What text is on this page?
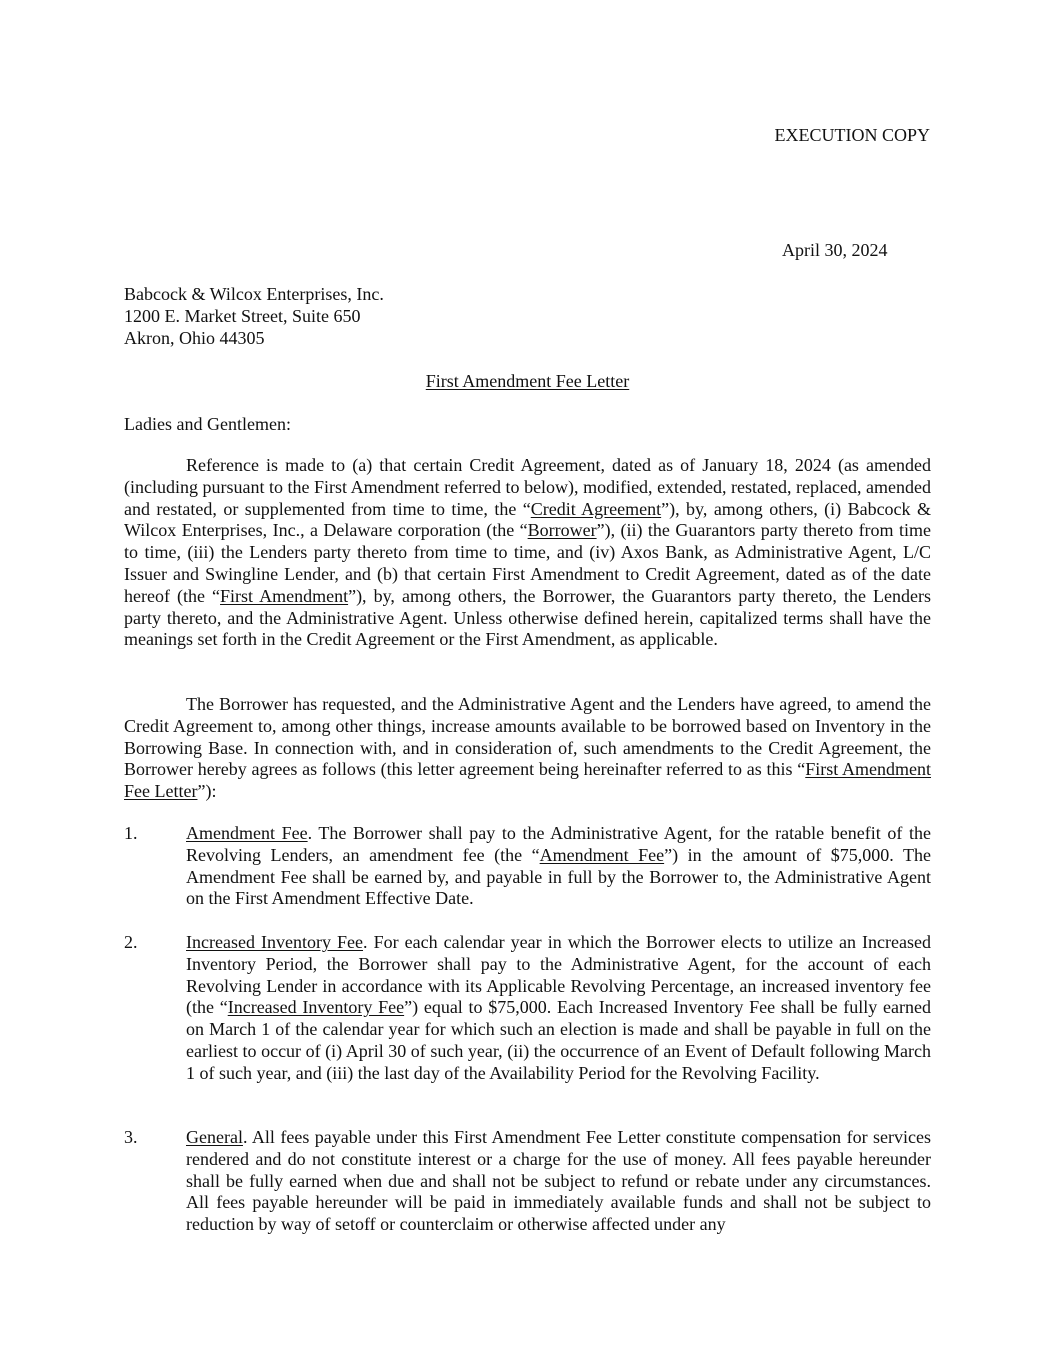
EXECUTION COPY
April 30, 2024
Babcock & Wilcox Enterprises, Inc.
1200 E. Market Street, Suite 650
Akron, Ohio 44305
First Amendment Fee Letter
Ladies and Gentlemen:

Reference is made to (a) that certain Credit Agreement, dated as of January 18, 2024 (as amended (including pursuant to the First Amendment referred to below), modified, extended, restated, replaced, amended and restated, or supplemented from time to time, the “Credit Agreement”), by, among others, (i) Babcock & Wilcox Enterprises, Inc., a Delaware corporation (the “Borrower”), (ii) the Guarantors party thereto from time to time, (iii) the Lenders party thereto from time to time, and (iv) Axos Bank, as Administrative Agent, L/C Issuer and Swingline Lender, and (b) that certain First Amendment to Credit Agreement, dated as of the date hereof (the “First Amendment”), by, among others, the Borrower, the Guarantors party thereto, the Lenders party thereto, and the Administrative Agent. Unless otherwise defined herein, capitalized terms shall have the meanings set forth in the Credit Agreement or the First Amendment, as applicable.

The Borrower has requested, and the Administrative Agent and the Lenders have agreed, to amend the Credit Agreement to, among other things, increase amounts available to be borrowed based on Inventory in the Borrowing Base. In connection with, and in consideration of, such amendments to the Credit Agreement, the Borrower hereby agrees as follows (this letter agreement being hereinafter referred to as this “First Amendment Fee Letter”):

1.	Amendment Fee. The Borrower shall pay to the Administrative Agent, for the ratable benefit of the Revolving Lenders, an amendment fee (the “Amendment Fee”) in the amount of $75,000. The Amendment Fee shall be earned by, and payable in full by the Borrower to, the Administrative Agent on the First Amendment Effective Date.

2.	Increased Inventory Fee. For each calendar year in which the Borrower elects to utilize an Increased Inventory Period, the Borrower shall pay to the Administrative Agent, for the account of each Revolving Lender in accordance with its Applicable Revolving Percentage, an increased inventory fee (the “Increased Inventory Fee”) equal to $75,000. Each Increased Inventory Fee shall be fully earned on March 1 of the calendar year for which such an election is made and shall be payable in full on the earliest to occur of (i) April 30 of such year, (ii) the occurrence of an Event of Default following March 1 of such year, and (iii) the last day of the Availability Period for the Revolving Facility.

3.	General. All fees payable under this First Amendment Fee Letter constitute compensation for services rendered and do not constitute interest or a charge for the use of money. All fees payable hereunder shall be fully earned when due and shall not be subject to refund or rebate under any circumstances. All fees payable hereunder will be paid in immediately available funds and shall not be subject to reduction by way of setoff or counterclaim or otherwise affected under any
